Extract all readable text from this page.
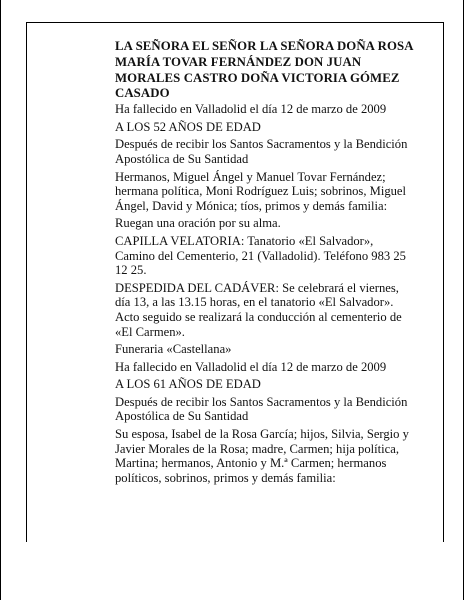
LA SEÑORA EL SEÑOR LA SEÑORA DOÑA ROSA MARÍA TOVAR FERNÁNDEZ DON JUAN MORALES CASTRO DOÑA VICTORIA GÓMEZ CASADO
Ha fallecido en Valladolid el día 12 de marzo de 2009
A LOS 52 AÑOS DE EDAD
Después de recibir los Santos Sacramentos y la Bendición Apostólica de Su Santidad
Hermanos, Miguel Ángel y Manuel Tovar Fernández; hermana política, Moni Rodríguez Luis; sobrinos, Miguel Ángel, David y Mónica; tíos, primos y demás familia:
Ruegan una oración por su alma.
CAPILLA VELATORIA: Tanatorio «El Salvador», Camino del Cementerio, 21 (Valladolid). Teléfono 983 25 12 25.
DESPEDIDA DEL CADÁVER: Se celebrará el viernes, día 13, a las 13.15 horas, en el tanatorio «El Salvador». Acto seguido se realizará la conducción al cementerio de «El Carmen».
Funeraria «Castellana»
Ha fallecido en Valladolid el día 12 de marzo de 2009
A LOS 61 AÑOS DE EDAD
Después de recibir los Santos Sacramentos y la Bendición Apostólica de Su Santidad
Su esposa, Isabel de la Rosa García; hijos, Silvia, Sergio y Javier Morales de la Rosa; madre, Carmen; hija política, Martina; hermanos, Antonio y M.ª Carmen; hermanos políticos, sobrinos, primos y demás familia:
